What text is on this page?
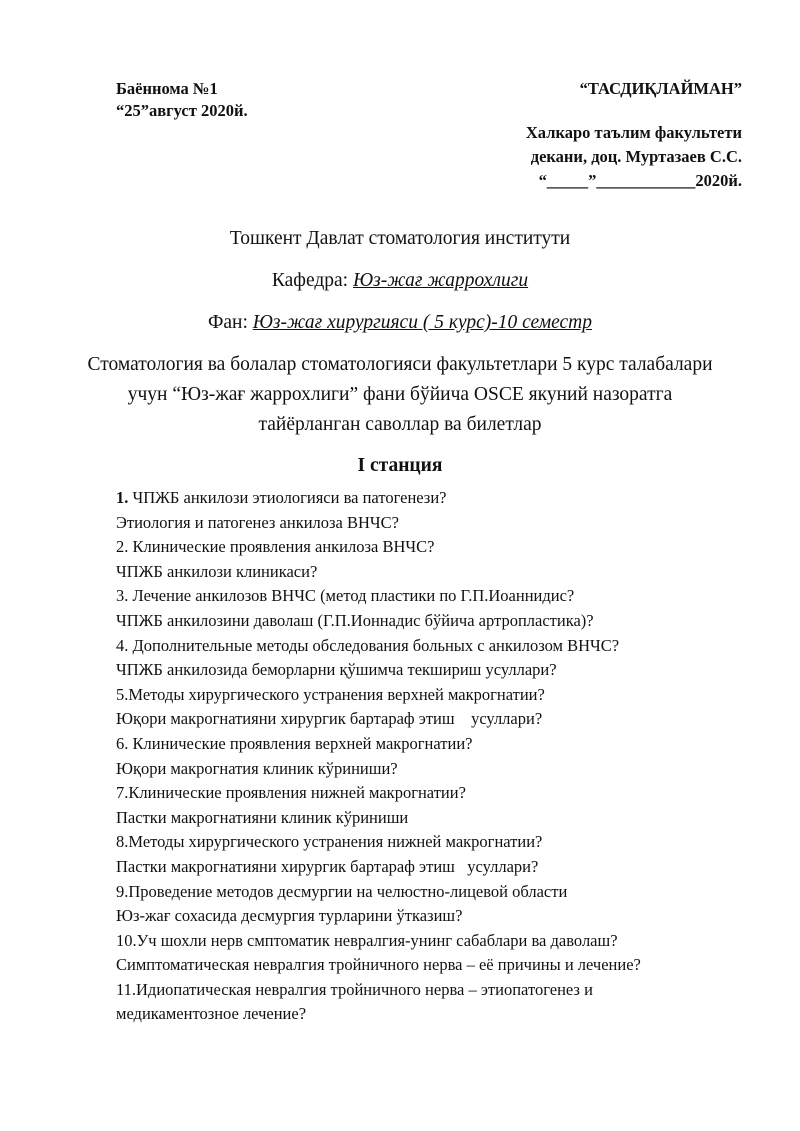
Баённома №1
“25”август 2020й.
“ТАСДИҚЛАЙМАН”
Халкаро таълим факультети
декани, доц. Муртазаев С.С.
“_____”____________2020й.
Тошкент Давлат стоматология институти
Кафедра: Юз-жағ жаррохлиги
Фан: Юз-жағ хирургияси ( 5 курс)-10 семестр
Стоматология ва болалар стоматологияси факультетлари 5 курс талабалари учун “Юз-жағ жаррохлиги” фани бўйича OSCE якуний назоратга тайёрланган саволлар ва билетлар
I станция
1. ЧПЖБ анкилози этиологияси ва патогенези?
Этиология и патогенез анкилоза ВНЧС?
2. Клинические проявления анкилоза ВНЧС?
ЧПЖБ анкилози клиникаси?
3. Лечение анкилозов ВНЧС (метод пластики по Г.П.Иоаннидис?
ЧПЖБ анкилозини даволаш (Г.П.Ионнадис бўйича артропластика)?
4. Дополнительные методы обследования больных с анкилозом ВНЧС?
ЧПЖБ анкилозида беморларни қўшимча текшириш усуллари?
5.Методы хирургического устранения верхней макрогнатии?
Юқори макрогнатияни хирургик бартараф этиш    усуллари?
6. Клинические проявления верхней макрогнатии?
Юқори макрогнатия клиник кўриниши?
7.Клинические проявления нижней макрогнатии?
Пастки макрогнатияни клиник кўриниши
8.Методы хирургического устранения нижней макрогнатии?
Пастки макрогнатияни хирургик бартараф этиш   усуллари?
9.Проведение методов десмургии на челюстно-лицевой области
Юз-жағ сохасида десмургия турларини ўтказиш?
10.Уч шохли нерв смптоматик невралгия-унинг сабаблари ва даволаш?
Симптоматическая невралгия тройничного нерва – её причины и лечение?
11.Идиопатическая невралгия тройничного нерва – этиопатогенез и
медикаментозное лечение?
